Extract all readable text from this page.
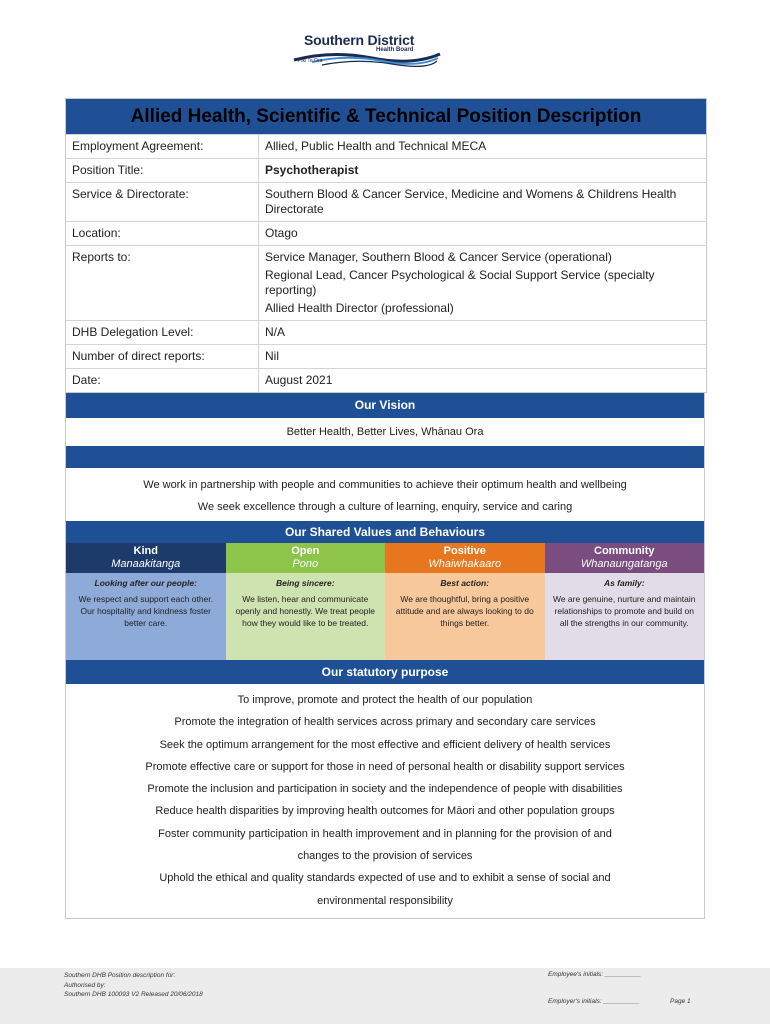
Southern District
Health Board
Piki Te Ora
Allied Health, Scientific & Technical Position Description
Employment Agreement:	Allied, Public Health and Technical MECA

Position Title:	Psychotherapist

Service & Directorate:	Southern Blood & Cancer Service, Medicine and Womens & Childrens Health Directorate

Location:	Otago

Reports to:	Service Manager, Southern Blood & Cancer Service (operational)

Regional Lead, Cancer Psychological & Social Support Service (specialty reporting)

Allied Health Director (professional)

DHB Delegation Level:	N/A

Number of direct reports:	Nil

Date:	August 2021

Our Vision
Better Health, Better Lives, Whānau Ora

We work in partnership with people and communities to achieve their optimum health and wellbeing

We seek excellence through a culture of learning, enquiry, service and caring

Our Shared Values and Behaviours
Kind
Manaakitanga
Looking after our people:
We respect and support each other. Our hospitality and kindness foster better care.
Open
Pono
Being sincere:
We listen, hear and communicate openly and honestly. We treat people how they would like to be treated.
Positive
Whaiwhakaaro
Best action:
We are thoughtful, bring a positive attitude and are always looking to do things better.
Community
Whanaungatanga
As family:
We are genuine, nurture and maintain relationships to promote and build on all the strengths in our community.
Our statutory purpose

To improve, promote and protect the health of our population

Promote the integration of health services across primary and secondary care services

Seek the optimum arrangement for the most effective and efficient delivery of health services

Promote effective care or support for those in need of personal health or disability support services

Promote the inclusion and participation in society and the independence of people with disabilities

Reduce health disparities by improving health outcomes for Māori and other population groups

Foster community participation in health improvement and in planning for the provision of and

changes to the provision of services

Uphold the ethical and quality standards expected of use and to exhibit a sense of social and

environmental responsibility

Southern DHB Position description for:
Authorised by:
Southern DHB 100093 V2 Released 20/06/2018
Employee's initials: __________
Employer's initials: __________	Page 1
